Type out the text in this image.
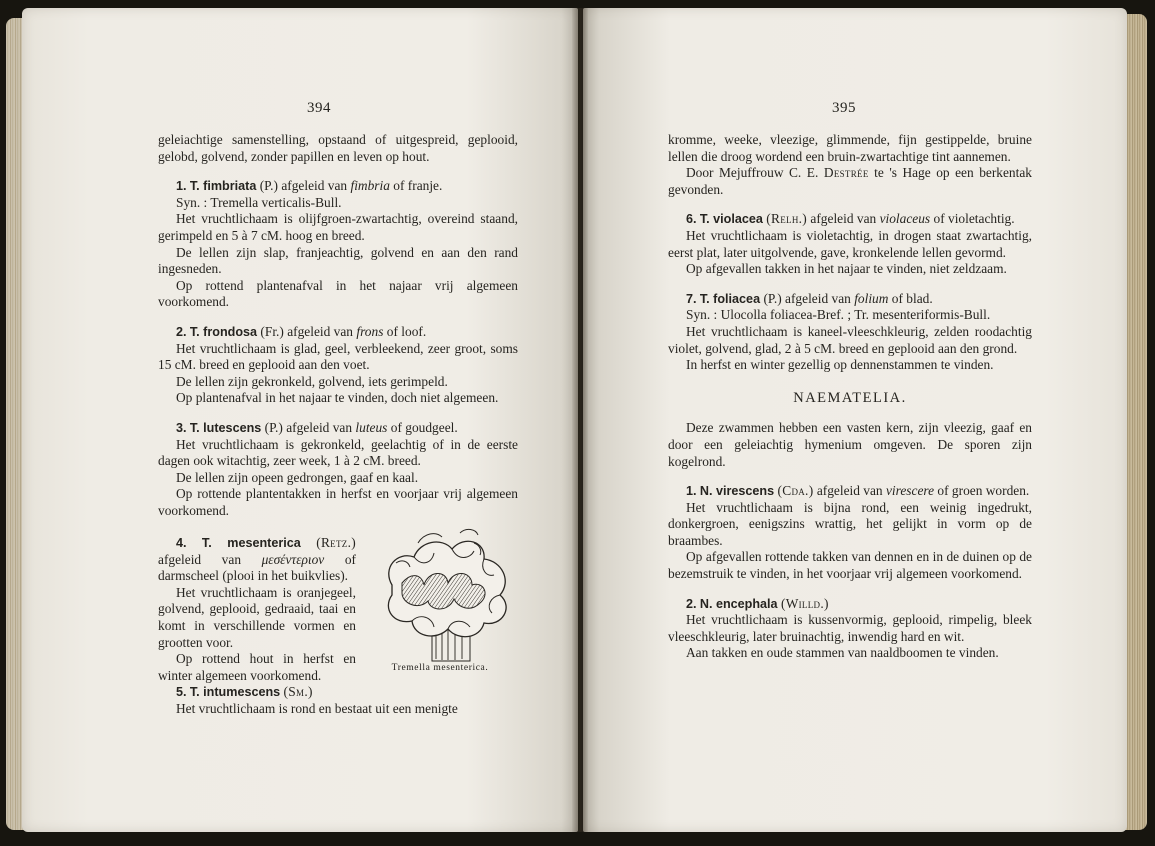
394

geleiachtige samenstelling, opstaand of uitgespreid, geplooid, gelobd, golvend, zonder papillen en leven op hout.

1. T. fimbriata (P.) afgeleid van fimbria of franje.

Syn. : Tremella verticalis-Bull.

Het vruchtlichaam is olijfgroen-zwartachtig, overeind staand, gerimpeld en 5 à 7 cM. hoog en breed.

De lellen zijn slap, franjeachtig, golvend en aan den rand ingesneden.

Op rottend plantenafval in het najaar vrij algemeen voorkomend.

2. T. frondosa (Fr.) afgeleid van frons of loof.

Het vruchtlichaam is glad, geel, verbleekend, zeer groot, soms 15 cM. breed en geplooid aan den voet.

De lellen zijn gekronkeld, golvend, iets gerimpeld.

Op plantenafval in het najaar te vinden, doch niet algemeen.

3. T. lutescens (P.) afgeleid van luteus of goudgeel.

Het vruchtlichaam is gekronkeld, geelachtig of in de eerste dagen ook witachtig, zeer week, 1 à 2 cM. breed.

De lellen zijn opeen gedrongen, gaaf en kaal.

Op rottende plantentakken in herfst en voorjaar vrij algemeen voorkomend.

4. T. mesenterica (Retz.) afgeleid van μεσέντεριον of darmscheel (plooi in het buikvlies).

Het vruchtlichaam is oranjegeel, golvend, geplooid, gedraaid, taai en komt in verschillende vormen en grootten voor.

Op rottend hout in herfst en winter algemeen voorkomend.

5. T. intumescens (Sm.)

Het vruchtlichaam is rond en bestaat uit een menigte

Tremella mesenterica.
395

kromme, weeke, vleezige, glimmende, fijn gestippelde, bruine lellen die droog wordend een bruin-zwartachtige tint aannemen.

Door Mejuffrouw C. E. Destrée te 's Hage op een berkentak gevonden.

6. T. violacea (Relh.) afgeleid van violaceus of violetachtig.

Het vruchtlichaam is violetachtig, in drogen staat zwartachtig, eerst plat, later uitgolvende, gave, kronkelende lellen gevormd.

Op afgevallen takken in het najaar te vinden, niet zeldzaam.

7. T. foliacea (P.) afgeleid van folium of blad.

Syn. : Ulocolla foliacea-Bref. ; Tr. mesenteriformis-Bull.

Het vruchtlichaam is kaneel-vleeschkleurig, zelden roodachtig violet, golvend, glad, 2 à 5 cM. breed en geplooid aan den grond.

In herfst en winter gezellig op dennenstammen te vinden.

NAEMATELIA.

Deze zwammen hebben een vasten kern, zijn vleezig, gaaf en door een geleiachtig hymenium omgeven. De sporen zijn kogelrond.

1. N. virescens (Cda.) afgeleid van virescere of groen worden.

Het vruchtlichaam is bijna rond, een weinig ingedrukt, donkergroen, eenigszins wrattig, het gelijkt in vorm op de braambes.

Op afgevallen rottende takken van dennen en in de duinen op de bezemstruik te vinden, in het voorjaar vrij algemeen voorkomend.

2. N. encephala (Willd.)

Het vruchtlichaam is kussenvormig, geplooid, rimpelig, bleek vleeschkleurig, later bruinachtig, inwendig hard en wit.

Aan takken en oude stammen van naaldboomen te vinden.
